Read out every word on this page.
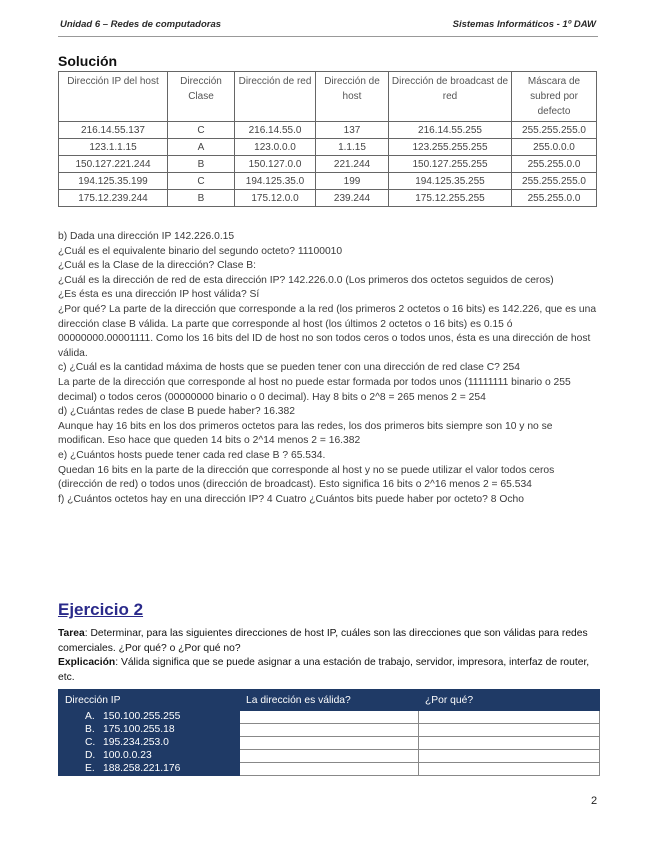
Unidad 6 – Redes de computadoras	Sistemas Informáticos - 1º DAW
Solución
Dirección IP del host	Dirección Clase	Dirección de red	Dirección de host	Dirección de broadcast de red	Máscara de subred por defecto
216.14.55.137	C	216.14.55.0	137	216.14.55.255	255.255.255.0
123.1.1.15	A	123.0.0.0	1.1.15	123.255.255.255	255.0.0.0
150.127.221.244	B	150.127.0.0	221.244	150.127.255.255	255.255.0.0
194.125.35.199	C	194.125.35.0	199	194.125.35.255	255.255.255.0
175.12.239.244	B	175.12.0.0	239.244	175.12.255.255	255.255.0.0

b) Dada una dirección IP 142.226.0.15

¿Cuál es el equivalente binario del segundo octeto? 11100010

¿Cuál es la Clase de la dirección? Clase B:

¿Cuál es la dirección de red de esta dirección IP? 142.226.0.0 (Los primeros dos octetos seguidos de ceros)

¿Es ésta es una dirección IP host válida? Sí

¿Por qué? La parte de la dirección que corresponde a la red (los primeros 2 octetos o 16 bits) es 142.226, que es una dirección clase B válida. La parte que corresponde al host (los últimos 2 octetos o 16 bits) es 0.15 ó 00000000.00001111. Como los 16 bits del ID de host no son todos ceros o todos unos, ésta es una dirección de host válida.

c) ¿Cuál es la cantidad máxima de hosts que se pueden tener con una dirección de red clase C? 254

La parte de la dirección que corresponde al host no puede estar formada por todos unos (11111111 binario o 255 decimal) o todos ceros (00000000 binario o 0 decimal). Hay 8 bits o 2^8 = 265 menos 2 = 254

d) ¿Cuántas redes de clase B puede haber? 16.382

Aunque hay 16 bits en los dos primeros octetos para las redes, los dos primeros bits siempre son 10 y no se modifican. Eso hace que queden 14 bits o 2^14 menos 2 = 16.382

e) ¿Cuántos hosts puede tener cada red clase B ? 65.534.

Quedan 16 bits en la parte de la dirección que corresponde al host y no se puede utilizar el valor todos ceros (dirección de red) o todos unos (dirección de broadcast). Esto significa 16 bits o 2^16 menos 2 = 65.534

f) ¿Cuántos octetos hay en una dirección IP? 4 Cuatro ¿Cuántos bits puede haber por octeto? 8 Ocho

Ejercicio 2

Tarea: Determinar, para las siguientes direcciones de host IP, cuáles son las direcciones que son válidas para redes comerciales. ¿Por qué? o ¿Por qué no?

Explicación: Válida significa que se puede asignar a una estación de trabajo, servidor, impresora, interfaz de router, etc.

Dirección IP	La dirección es válida?	¿Por qué?
A. 150.100.255.255		
B. 175.100.255.18		
C. 195.234.253.0		
D. 100.0.0.23		
E. 188.258.221.176		
2
